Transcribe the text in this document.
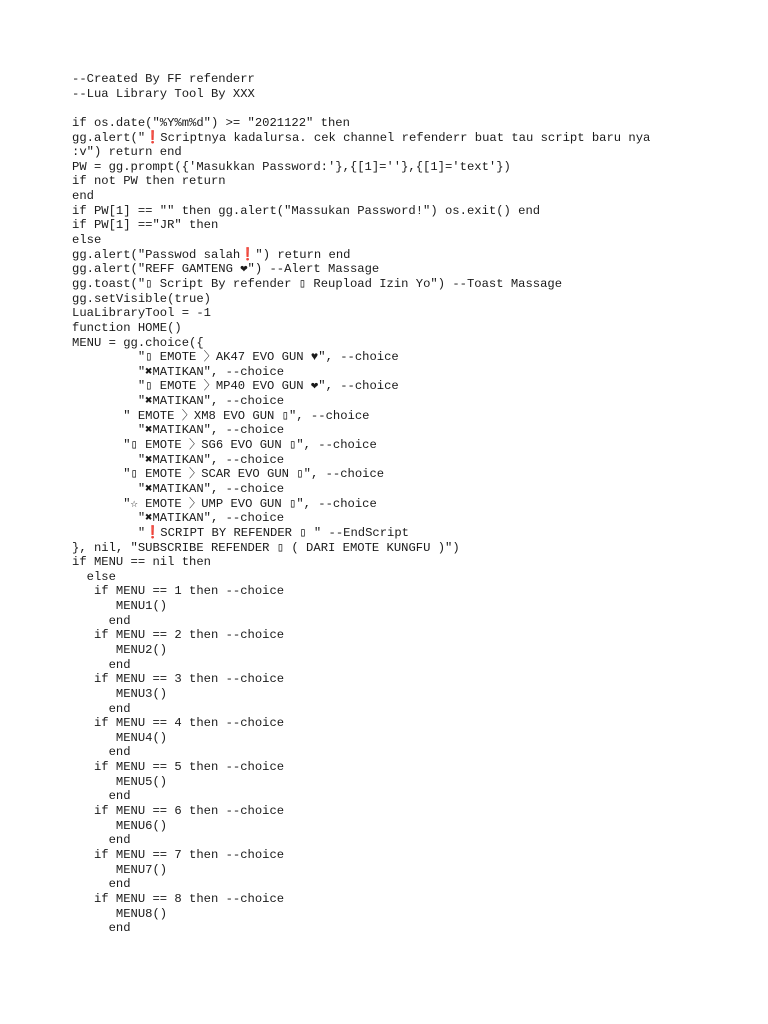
--Created By FF refenderr
--Lua Library Tool By XXX
if os.date("%Y%m%d") >= "2021122" then
gg.alert("❗Scriptnya kadalursa. cek channel refenderr buat tau script baru nya
:v") return end
PW = gg.prompt({'Masukkan Password:'},{[1]=''},{[1]='text'})
if not PW then return
end
if PW[1] == "" then gg.alert("Massukan Password!") os.exit() end
if PW[1] =="JR" then
else
gg.alert("Passwod salah❗") return end
gg.alert("REFF GAMTENG ❤") --Alert Massage
gg.toast("▯ Script By refender ▯ Reupload Izin Yo") --Toast Massage
gg.setVisible(true)
LuaLibraryTool = -1
function HOME()
MENU = gg.choice({
"▯ EMOTE 〉AK47 EVO GUN ♥", --choice
"✖MATIKAN", --choice
"▯ EMOTE 〉MP40 EVO GUN ❤", --choice
"✖MATIKAN", --choice
" EMOTE 〉XM8 EVO GUN ▯", --choice
"✖MATIKAN", --choice
"▯ EMOTE 〉SG6 EVO GUN ▯", --choice
"✖MATIKAN", --choice
"▯ EMOTE 〉SCAR EVO GUN ▯", --choice
"✖MATIKAN", --choice
"☆ EMOTE 〉UMP EVO GUN ▯", --choice
"✖MATIKAN", --choice
"❗SCRIPT BY REFENDER ▯ " --EndScript
}, nil, "SUBSCRIBE REFENDER ▯ ( DARI EMOTE KUNGFU )")
if MENU == nil then
else
if MENU == 1 then --choice
MENU1()
end
if MENU == 2 then --choice
MENU2()
end
if MENU == 3 then --choice
MENU3()
end
if MENU == 4 then --choice
MENU4()
end
if MENU == 5 then --choice
MENU5()
end
if MENU == 6 then --choice
MENU6()
end
if MENU == 7 then --choice
MENU7()
end
if MENU == 8 then --choice
MENU8()
end
